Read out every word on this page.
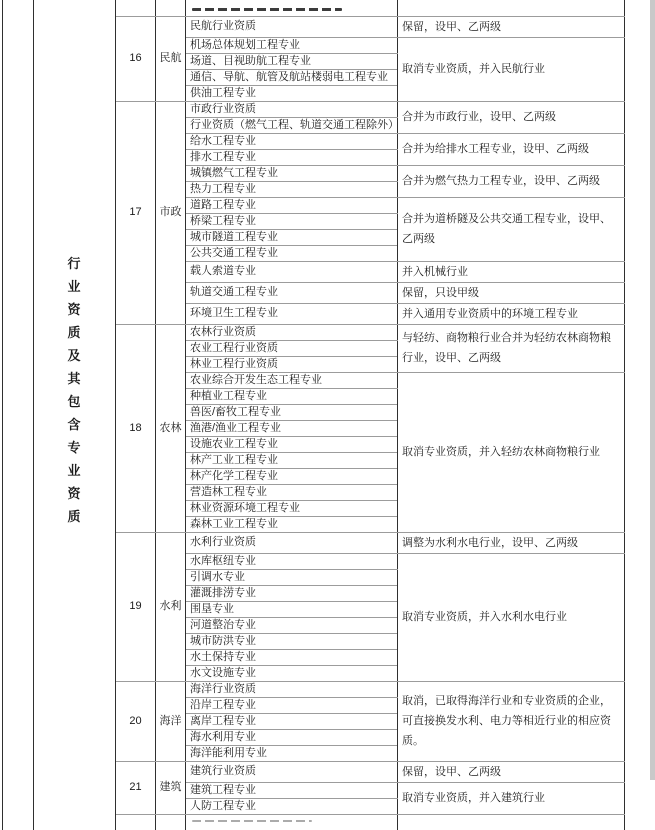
		16	民航	民航行业资质	保留，设甲、乙两级
				机场总体规划工程专业	取消专业资质，并入民航行业
				场道、目视助航工程专业	
				通信、导航、航管及航站楼弱电工程专业	
				供油工程专业	
		17	市政	市政行业资质	合并为市政行业，设甲、乙两级
				行业资质（燃气工程、轨道交通工程除外）	
				给水工程专业	合并为给排水工程专业，设甲、乙两级
				排水工程专业	
				城镇燃气工程专业	合并为燃气热力工程专业，设甲、乙两级
				热力工程专业	
				道路工程专业	合并为道桥隧及公共交通工程专业，设甲、乙两级
				桥梁工程专业	
				城市隧道工程专业	
				公共交通工程专业	
				载人索道专业	并入机械行业
				轨道交通工程专业	保留，只设甲级
				环境卫生工程专业	并入通用专业资质中的环境工程专业
		18	农林	农林行业资质	与轻纺、商物粮行业合并为轻纺农林商物粮行业，设甲、乙两级
				农业工程行业资质	
				林业工程行业资质	
				农业综合开发生态工程专业	取消专业资质，并入轻纺农林商物粮行业
				种植业工程专业	
				兽医/畜牧工程专业	
				渔港/渔业工程专业	
				设施农业工程专业	
				林产工业工程专业	
				林产化学工程专业	
				营造林工程专业	
				林业资源环境工程专业	
				森林工业工程专业	
		19	水利	水利行业资质	调整为水利水电行业，设甲、乙两级
				水库枢纽专业	取消专业资质，并入水利水电行业
				引调水专业	
				灌溉排涝专业	
				围垦专业	
				河道整治专业	
				城市防洪专业	
				水土保持专业	
				水文设施专业	
		20	海洋	海洋行业资质	取消，已取得海洋行业和专业资质的企业，可直接换发水利、电力等相近行业的相应资质。
				沿岸工程专业	
				离岸工程专业	
				海水利用专业	
				海洋能利用专业	
		21	建筑	建筑行业资质	保留，设甲、乙两级
				建筑工程专业	取消专业资质，并入建筑行业
				人防工程专业	

行
业
资
质
及
其
包
含
专
业
资
质
